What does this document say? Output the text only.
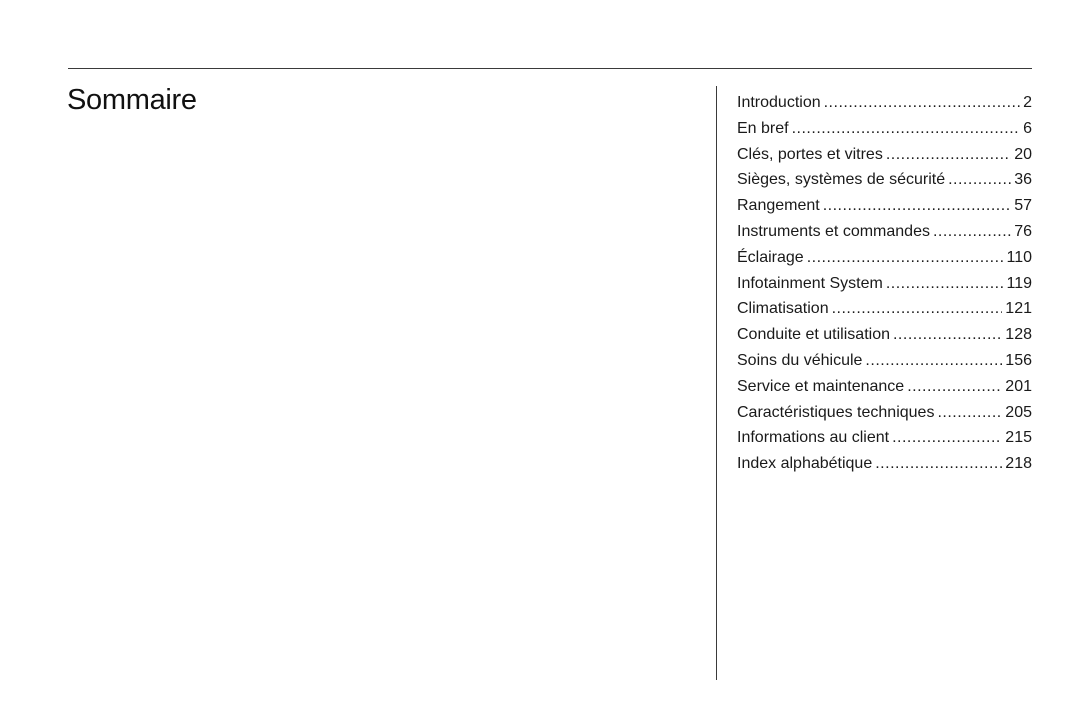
Sommaire	Introduction .....	2
En bref .....	6
Clés, portes et vitres .....	20
Sièges, systèmes de sécurité .....	36
Rangement .....	57
Instruments et commandes .....	76
Éclairage .....	110
Infotainment System .....	119
Climatisation .....	121
Conduite et utilisation .....	128
Soins du véhicule .....	156
Service et maintenance .....	201
Caractéristiques techniques .....	205
Informations au client .....	215
Index alphabétique .....	218
